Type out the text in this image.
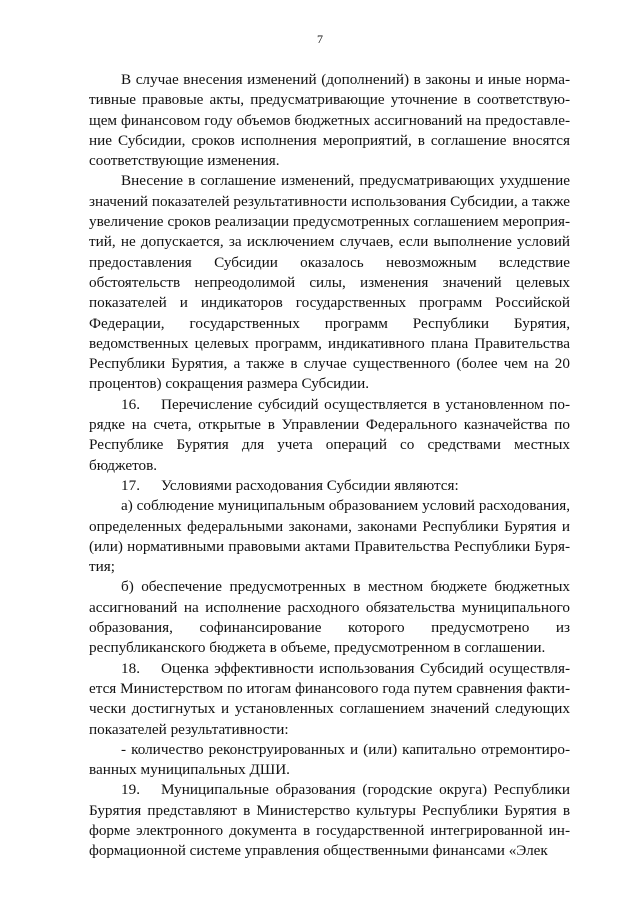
7

В случае внесения изменений (дополнений) в законы и иные нормативные правовые акты, предусматривающие уточнение в соответствующем финансовом году объемов бюджетных ассигнований на предоставление Субсидии, сроков исполнения мероприятий, в соглашение вносятся соответствующие изменения.

Внесение в соглашение изменений, предусматривающих ухудшение значений показателей результативности использования Субсидии, а также увеличение сроков реализации предусмотренных соглашением мероприятий, не допускается, за исключением случаев, если выполнение условий предоставления Субсидии оказалось невозможным вследствие обстоятельств непреодолимой силы, изменения значений целевых показателей и индикаторов государственных программ Российской Федерации, государственных программ Республики Бурятия, ведомственных целевых программ, индикативного плана Правительства Республики Бурятия, а также в случае существенного (более чем на 20 процентов) сокращения размера Субсидии.

16. Перечисление субсидий осуществляется в установленном порядке на счета, открытые в Управлении Федерального казначейства по Республике Бурятия для учета операций со средствами местных бюджетов.

17. Условиями расходования Субсидии являются:

а) соблюдение муниципальным образованием условий расходования, определенных федеральными законами, законами Республики Бурятия и (или) нормативными правовыми актами Правительства Республики Бурятия;

б) обеспечение предусмотренных в местном бюджете бюджетных ассигнований на исполнение расходного обязательства муниципального образования, софинансирование которого предусмотрено из республиканского бюджета в объеме, предусмотренном в соглашении.

18. Оценка эффективности использования Субсидий осуществляется Министерством по итогам финансового года путем сравнения фактически достигнутых и установленных соглашением значений следующих показателей результативности:

- количество реконструированных и (или) капитально отремонтированных муниципальных ДШИ.

19. Муниципальные образования (городские округа) Республики Бурятия представляют в Министерство культуры Республики Бурятия в форме электронного документа в государственной интегрированной информационной системе управления общественными финансами «Элек
